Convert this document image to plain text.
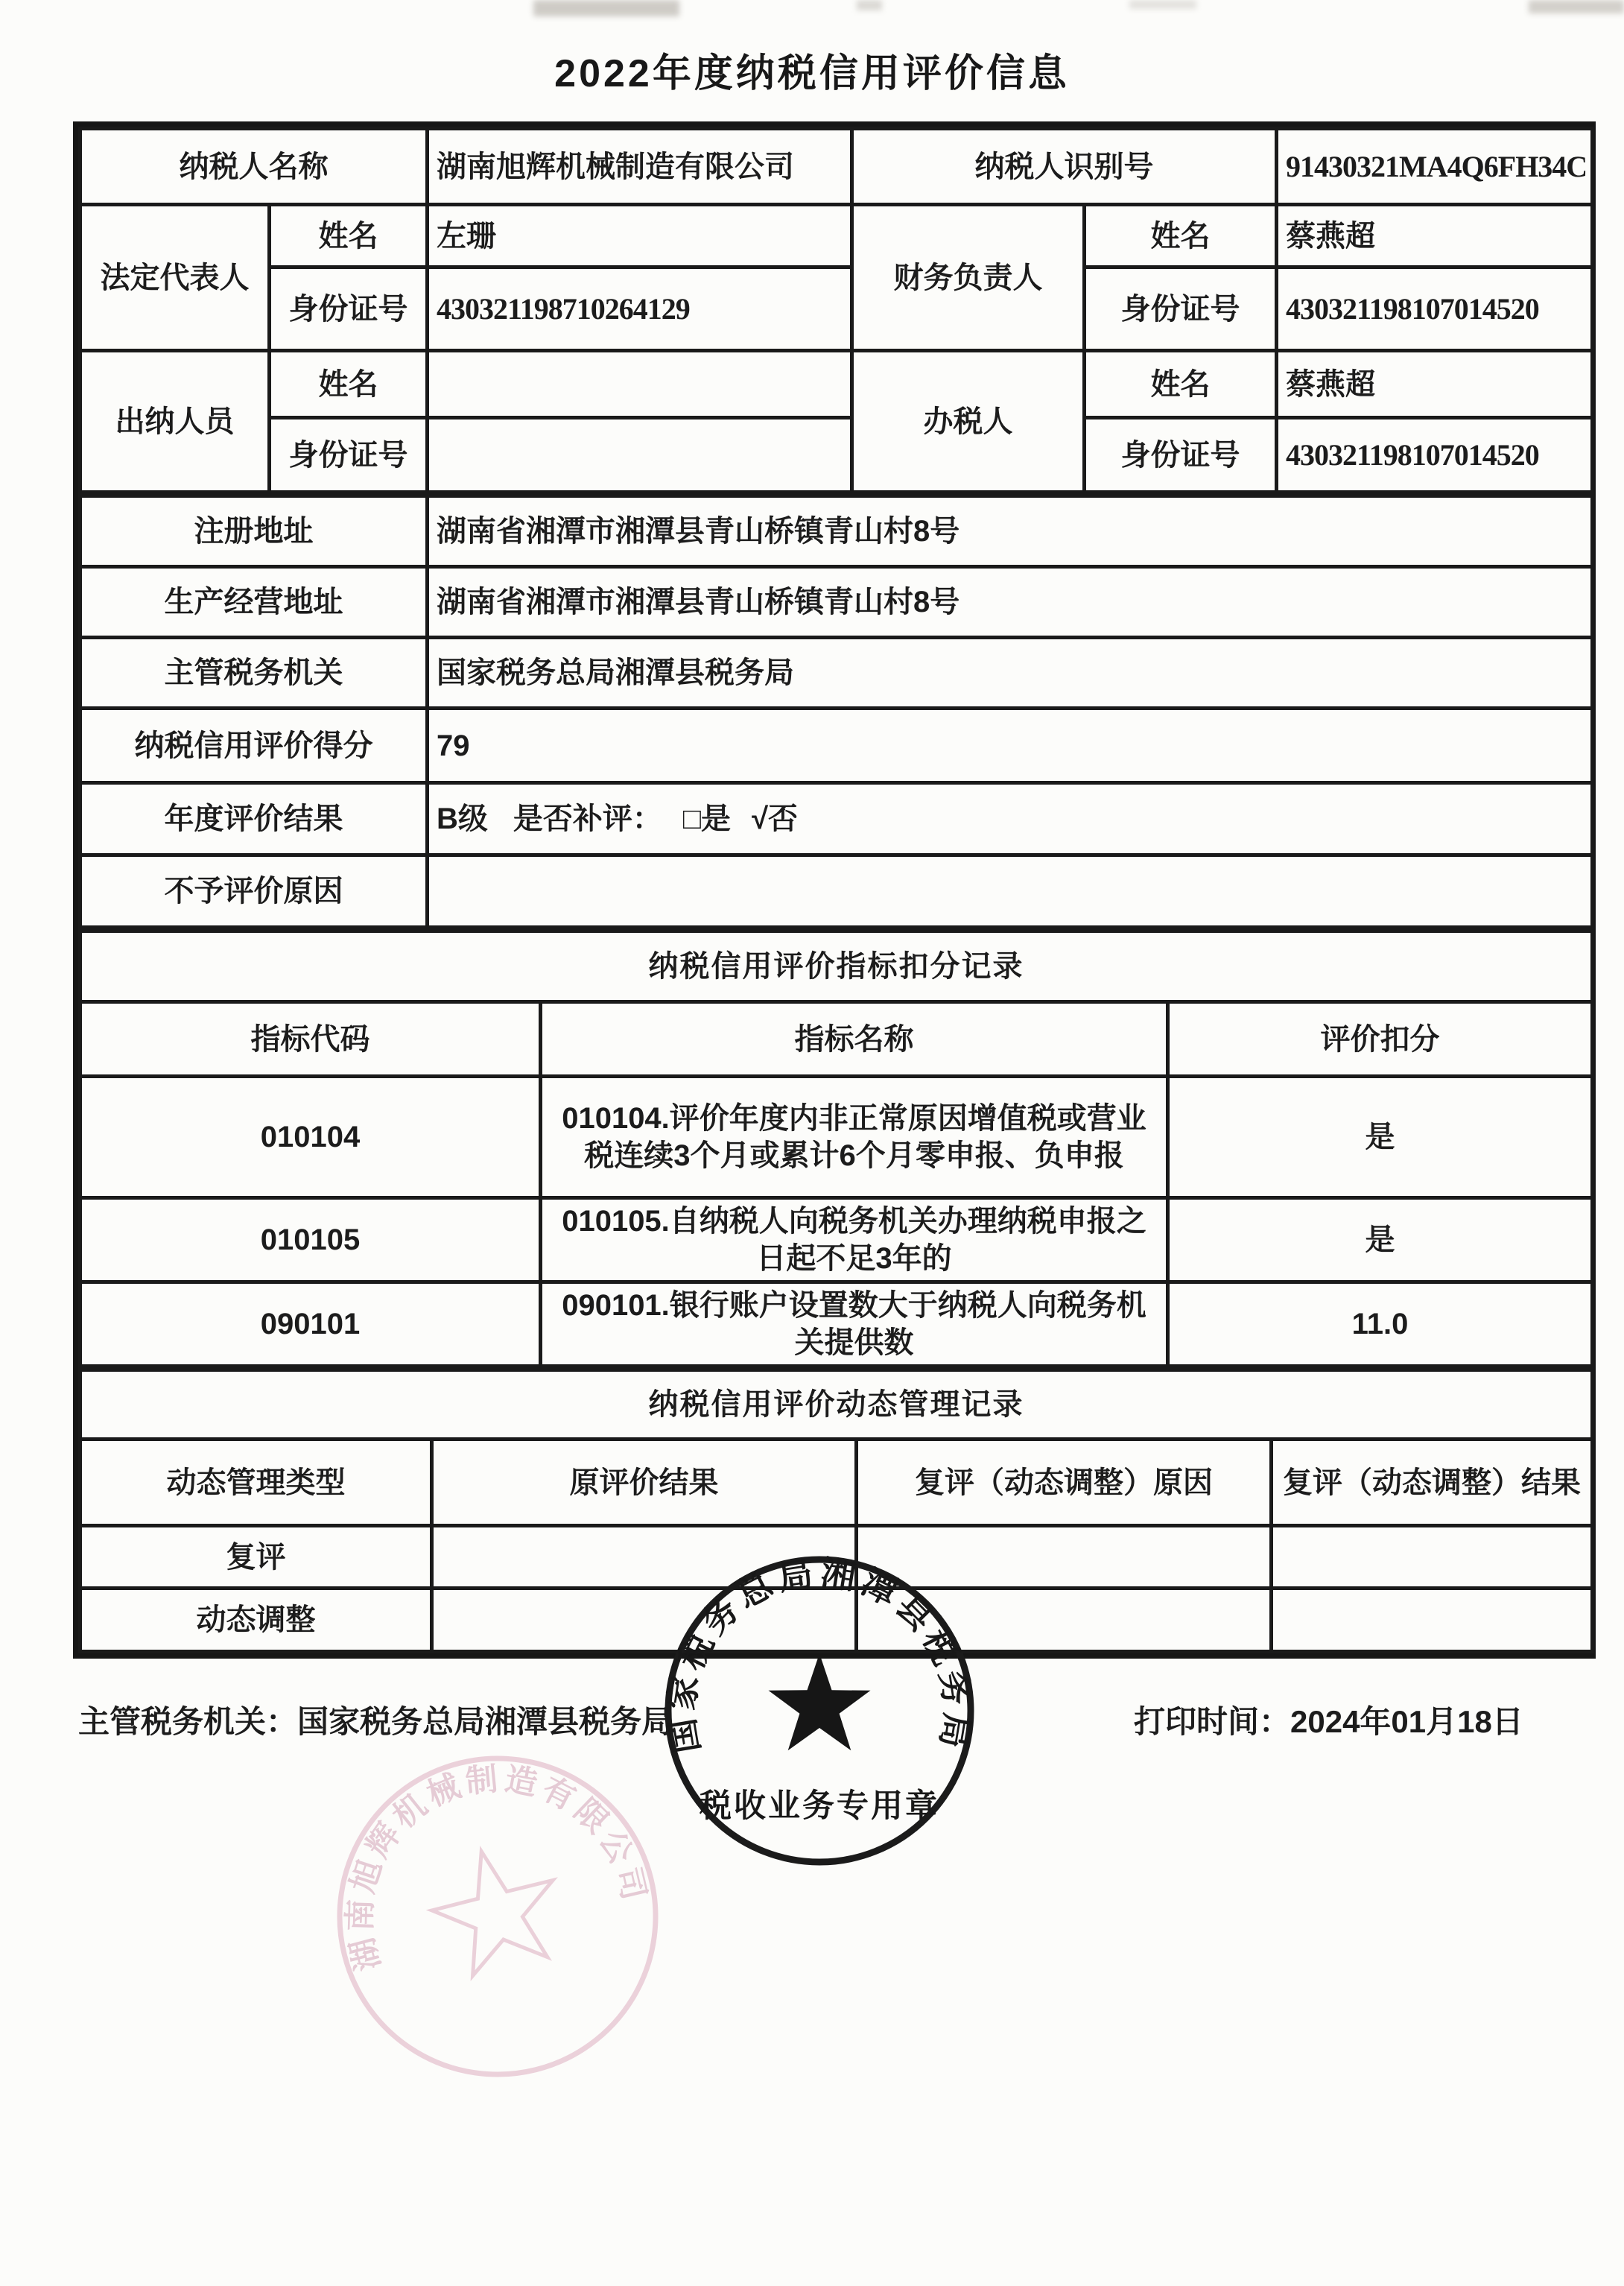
2022年度纳税信用评价信息
纳税人名称		湖南旭辉机械制造有限公司	纳税人识别号		91430321MA4Q6FH34C
法定代表人	姓名	左珊	财务负责人	姓名	蔡燕超
	身份证号	430321198710264129		身份证号	430321198107014520
出纳人员	姓名		办税人	姓名	蔡燕超
	身份证号			身份证号	430321198107014520
注册地址	湖南省湘潭市湘潭县青山桥镇青山村8号
生产经营地址	湖南省湘潭市湘潭县青山桥镇青山村8号
主管税务机关	国家税务总局湘潭县税务局
纳税信用评价得分	79
年度评价结果	B级 是否补评： □是 √否
不予评价原因	
纳税信用评价指标扣分记录		
指标代码	指标名称	评价扣分
010104	010104.评价年度内非正常原因增值税或营业税连续3个月或累计6个月零申报、负申报	是
010105	010105.自纳税人向税务机关办理纳税申报之日起不足3年的	是
090101	090101.银行账户设置数大于纳税人向税务机关提供数	11.0
纳税信用评价动态管理记录			
动态管理类型	原评价结果	复评（动态调整）原因	复评（动态调整）结果
复评			
动态调整			
主管税务机关：国家税务总局湘潭县税务局	打印时间：2024年01月18日
国家税务总局湘潭县税务局
税收业务专用章
湖南旭辉机械制造有限公司
